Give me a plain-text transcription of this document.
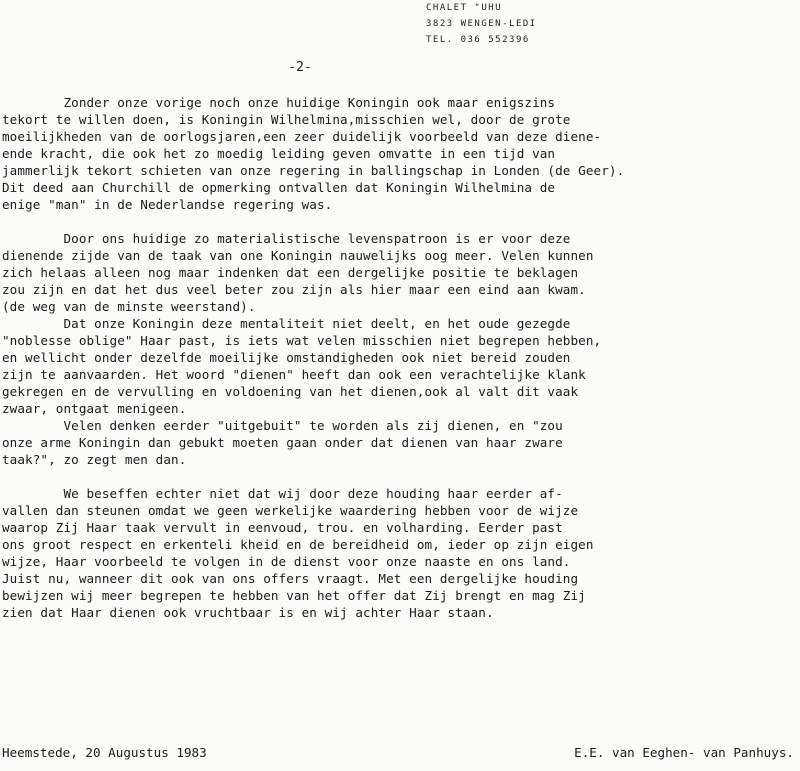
CHALET "UHU
3823 WENGEN-LEDI
TEL. 036 552396
-2-
Zonder onze vorige noch onze huidige Koningin ook maar enigszins
tekort te willen doen, is Koningin Wilhelmina,misschien wel, door de grote
moeilijkheden van de oorlogsjaren,een zeer duidelijk voorbeeld van deze diene-
ende kracht, die ook het zo moedig leiding geven omvatte in een tijd van
jammerlijk tekort schieten van onze regering in ballingschap in Londen (de Geer).
Dit deed aan Churchill de opmerking ontvallen dat Koningin Wilhelmina de
enige "man" in de Nederlandse regering was.
Door ons huidige zo materialistische levenspatroon is er voor deze
dienende zijde van de taak van one Koningin nauwelijks oog meer. Velen kunnen
zich helaas alleen nog maar indenken dat een dergelijke positie te beklagen
zou zijn en dat het dus veel beter zou zijn als hier maar een eind aan kwam.
(de weg van de minste weerstand).
Dat onze Koningin deze mentaliteit niet deelt, en het oude gezegde
"noblesse oblige" Haar past, is iets wat velen misschien niet begrepen hebben,
en wellicht onder dezelfde moeilijke omstandigheden ook niet bereid zouden
zijn te aanvaarden. Het woord "dienen" heeft dan ook een verachtelijke klank
gekregen en de vervulling en voldoening van het dienen,ook al valt dit vaak
zwaar, ontgaat menigeen.
Velen denken eerder "uitgebuit" te worden als zij dienen, en "zou
onze arme Koningin dan gebukt moeten gaan onder dat dienen van haar zware
taak?", zo zegt men dan.
We beseffen echter niet dat wij door deze houding haar eerder af-
vallen dan steunen omdat we geen werkelijke waardering hebben voor de wijze
waarop Zij Haar taak vervult in eenvoud, trou. en volharding. Eerder past
ons groot respect en erkenteli kheid en de bereidheid om, ieder op zijn eigen
wijze, Haar voorbeeld te volgen in de dienst voor onze naaste en ons land.
Juist nu, wanneer dit ook van ons offers vraagt. Met een dergelijke houding
bewijzen wij meer begrepen te hebben van het offer dat Zij brengt en mag Zij
zien dat Haar dienen ook vruchtbaar is en wij achter Haar staan.
Heemstede, 20 Augustus 1983	E.E. van Eeghen- van Panhuys.
